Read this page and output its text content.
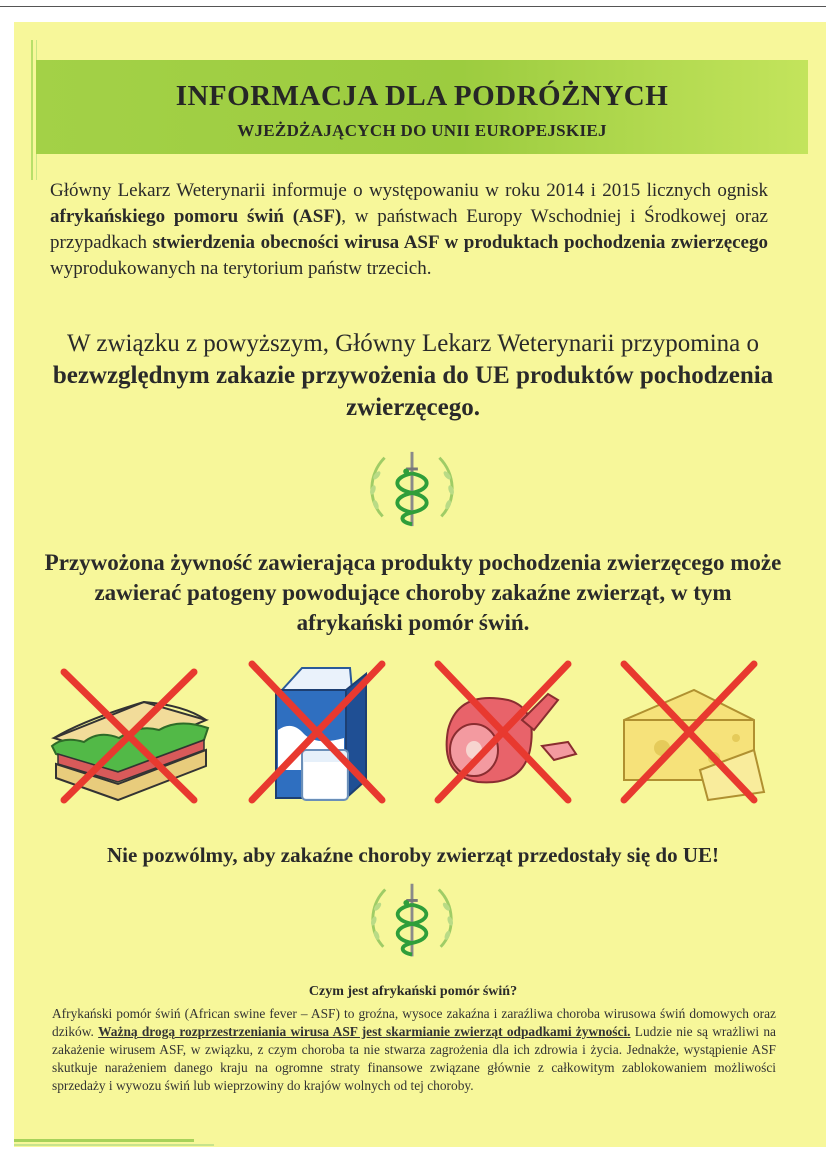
INFORMACJA DLA PODRÓŻNYCH
WJEŻDŻAJĄCYCH DO UNII EUROPEJSKIEJ
Główny Lekarz Weterynarii informuje o występowaniu w roku 2014 i 2015 licznych ognisk afrykańskiego pomoru świń (ASF), w państwach Europy Wschodniej i Środkowej oraz przypadkach stwierdzenia obecności wirusa ASF w produktach pochodzenia zwierzęcego wyprodukowanych na terytorium państw trzecich.
W związku z powyższym, Główny Lekarz Weterynarii przypomina o bezwzględnym zakazie przywożenia do UE produktów pochodzenia zwierzęcego.
Przywożona żywność zawierająca produkty pochodzenia zwierzęcego może zawierać patogeny powodujące choroby zakaźne zwierząt, w tym afrykański pomór świń.
Nie pozwólmy, aby zakaźne choroby zwierząt przedostały się do UE!
Czym jest afrykański pomór świń?
Afrykański pomór świń (African swine fever – ASF) to groźna, wysoce zakaźna i zaraźliwa choroba wirusowa świń domowych oraz dzików. Ważną drogą rozprzestrzeniania wirusa ASF jest skarmianie zwierząt odpadkami żywności. Ludzie nie są wrażliwi na zakażenie wirusem ASF, w związku, z czym choroba ta nie stwarza zagrożenia dla ich zdrowia i życia. Jednakże, wystąpienie ASF skutkuje narażeniem danego kraju na ogromne straty finansowe związane głównie z całkowitym zablokowaniem możliwości sprzedaży i wywozu świń lub wieprzowiny do krajów wolnych od tej choroby.
